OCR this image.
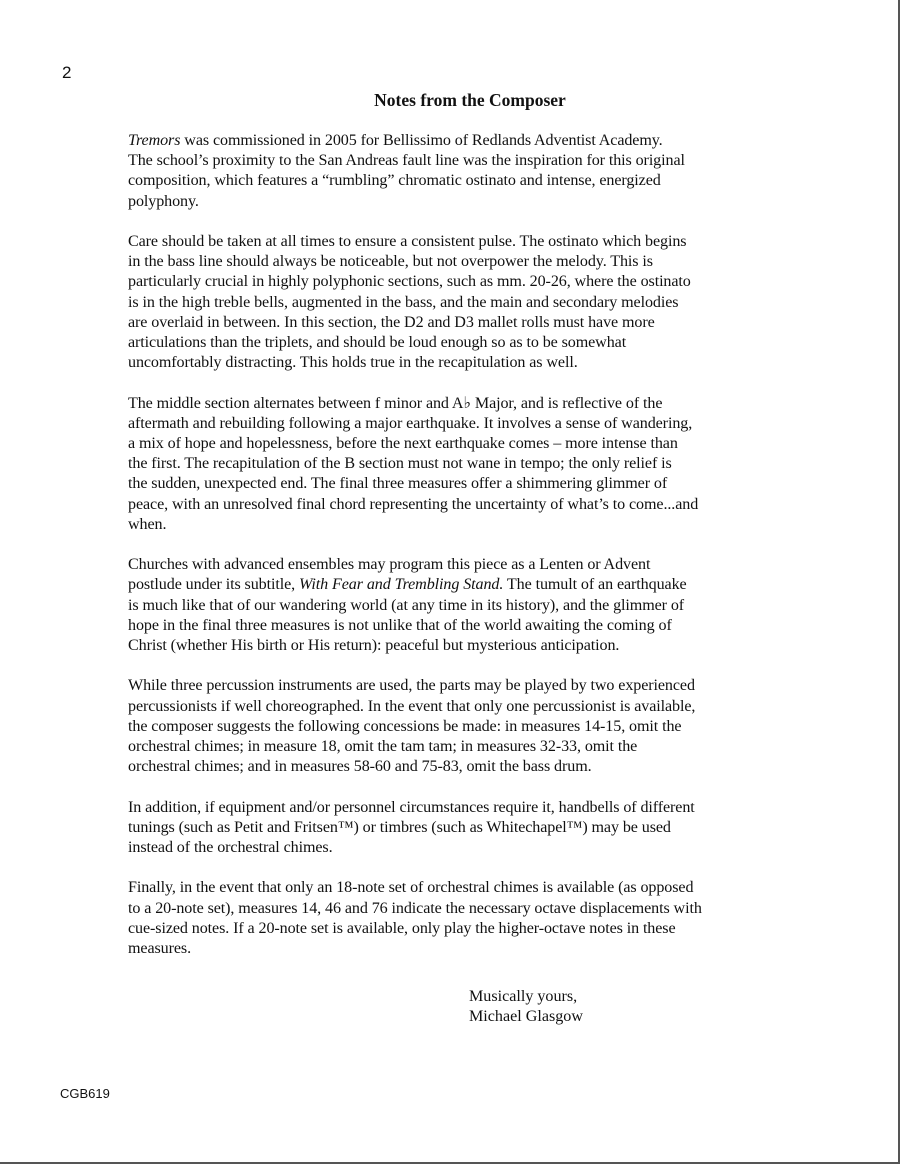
2
Notes from the Composer
Tremors was commissioned in 2005 for Bellissimo of Redlands Adventist Academy.
The school’s proximity to the San Andreas fault line was the inspiration for this original
composition, which features a “rumbling” chromatic ostinato and intense, energized
polyphony.
Care should be taken at all times to ensure a consistent pulse. The ostinato which begins
in the bass line should always be noticeable, but not overpower the melody. This is
particularly crucial in highly polyphonic sections, such as mm. 20-26, where the ostinato
is in the high treble bells, augmented in the bass, and the main and secondary melodies
are overlaid in between. In this section, the D2 and D3 mallet rolls must have more
articulations than the triplets, and should be loud enough so as to be somewhat
uncomfortably distracting. This holds true in the recapitulation as well.
The middle section alternates between f minor and A♭ Major, and is reflective of the
aftermath and rebuilding following a major earthquake. It involves a sense of wandering,
a mix of hope and hopelessness, before the next earthquake comes – more intense than
the first. The recapitulation of the B section must not wane in tempo; the only relief is
the sudden, unexpected end. The final three measures offer a shimmering glimmer of
peace, with an unresolved final chord representing the uncertainty of what’s to come...and
when.
Churches with advanced ensembles may program this piece as a Lenten or Advent
postlude under its subtitle, With Fear and Trembling Stand. The tumult of an earthquake
is much like that of our wandering world (at any time in its history), and the glimmer of
hope in the final three measures is not unlike that of the world awaiting the coming of
Christ (whether His birth or His return): peaceful but mysterious anticipation.
While three percussion instruments are used, the parts may be played by two experienced
percussionists if well choreographed. In the event that only one percussionist is available,
the composer suggests the following concessions be made: in measures 14-15, omit the
orchestral chimes; in measure 18, omit the tam tam; in measures 32-33, omit the
orchestral chimes; and in measures 58-60 and 75-83, omit the bass drum.
In addition, if equipment and/or personnel circumstances require it, handbells of different
tunings (such as Petit and Fritsen™) or timbres (such as Whitechapel™) may be used
instead of the orchestral chimes.
Finally, in the event that only an 18-note set of orchestral chimes is available (as opposed
to a 20-note set), measures 14, 46 and 76 indicate the necessary octave displacements with
cue-sized notes. If a 20-note set is available, only play the higher-octave notes in these
measures.
Musically yours,
Michael Glasgow
CGB619
